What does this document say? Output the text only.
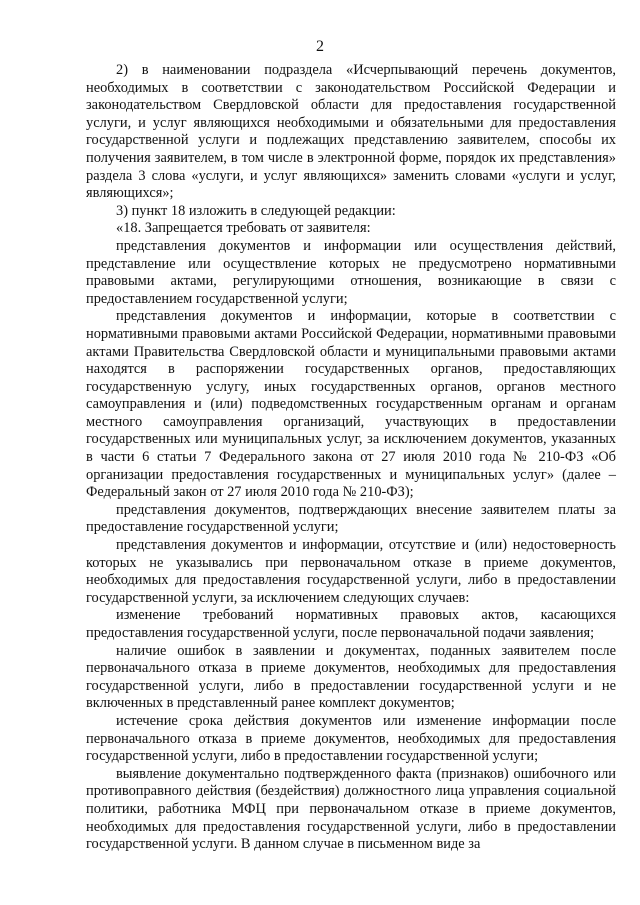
2

2) в наименовании подраздела «Исчерпывающий перечень документов, необходимых в соответствии с законодательством Российской Федерации и законодательством Свердловской области для предоставления государственной услуги, и услуг являющихся необходимыми и обязательными для предоставления государственной услуги и подлежащих представлению заявителем, способы их получения заявителем, в том числе в электронной форме, порядок их представления» раздела 3 слова «услуги, и услуг являющихся» заменить словами «услуги и услуг, являющихся»;

3) пункт 18 изложить в следующей редакции:

«18. Запрещается требовать от заявителя:

представления документов и информации или осуществления действий, представление или осуществление которых не предусмотрено нормативными правовыми актами, регулирующими отношения, возникающие в связи с предоставлением государственной услуги;

представления документов и информации, которые в соответствии с нормативными правовыми актами Российской Федерации, нормативными правовыми актами Правительства Свердловской области и муниципальными правовыми актами находятся в распоряжении государственных органов, предоставляющих государственную услугу, иных государственных органов, органов местного самоуправления и (или) подведомственных государственным органам и органам местного самоуправления организаций, участвующих в предоставлении государственных или муниципальных услуг, за исключением документов, указанных в части 6 статьи 7 Федерального закона от 27 июля 2010 года № 210-ФЗ «Об организации предоставления государственных и муниципальных услуг» (далее – Федеральный закон от 27 июля 2010 года № 210-ФЗ);

представления документов, подтверждающих внесение заявителем платы за предоставление государственной услуги;

представления документов и информации, отсутствие и (или) недостоверность которых не указывались при первоначальном отказе в приеме документов, необходимых для предоставления государственной услуги, либо в предоставлении государственной услуги, за исключением следующих случаев:

изменение требований нормативных правовых актов, касающихся предоставления государственной услуги, после первоначальной подачи заявления;

наличие ошибок в заявлении и документах, поданных заявителем после первоначального отказа в приеме документов, необходимых для предоставления государственной услуги, либо в предоставлении государственной услуги и не включенных в представленный ранее комплект документов;

истечение срока действия документов или изменение информации после первоначального отказа в приеме документов, необходимых для предоставления государственной услуги, либо в предоставлении государственной услуги;

выявление документально подтвержденного факта (признаков) ошибочного или противоправного действия (бездействия) должностного лица управления социальной политики, работника МФЦ при первоначальном отказе в приеме документов, необходимых для предоставления государственной услуги, либо в предоставлении государственной услуги. В данном случае в письменном виде за
